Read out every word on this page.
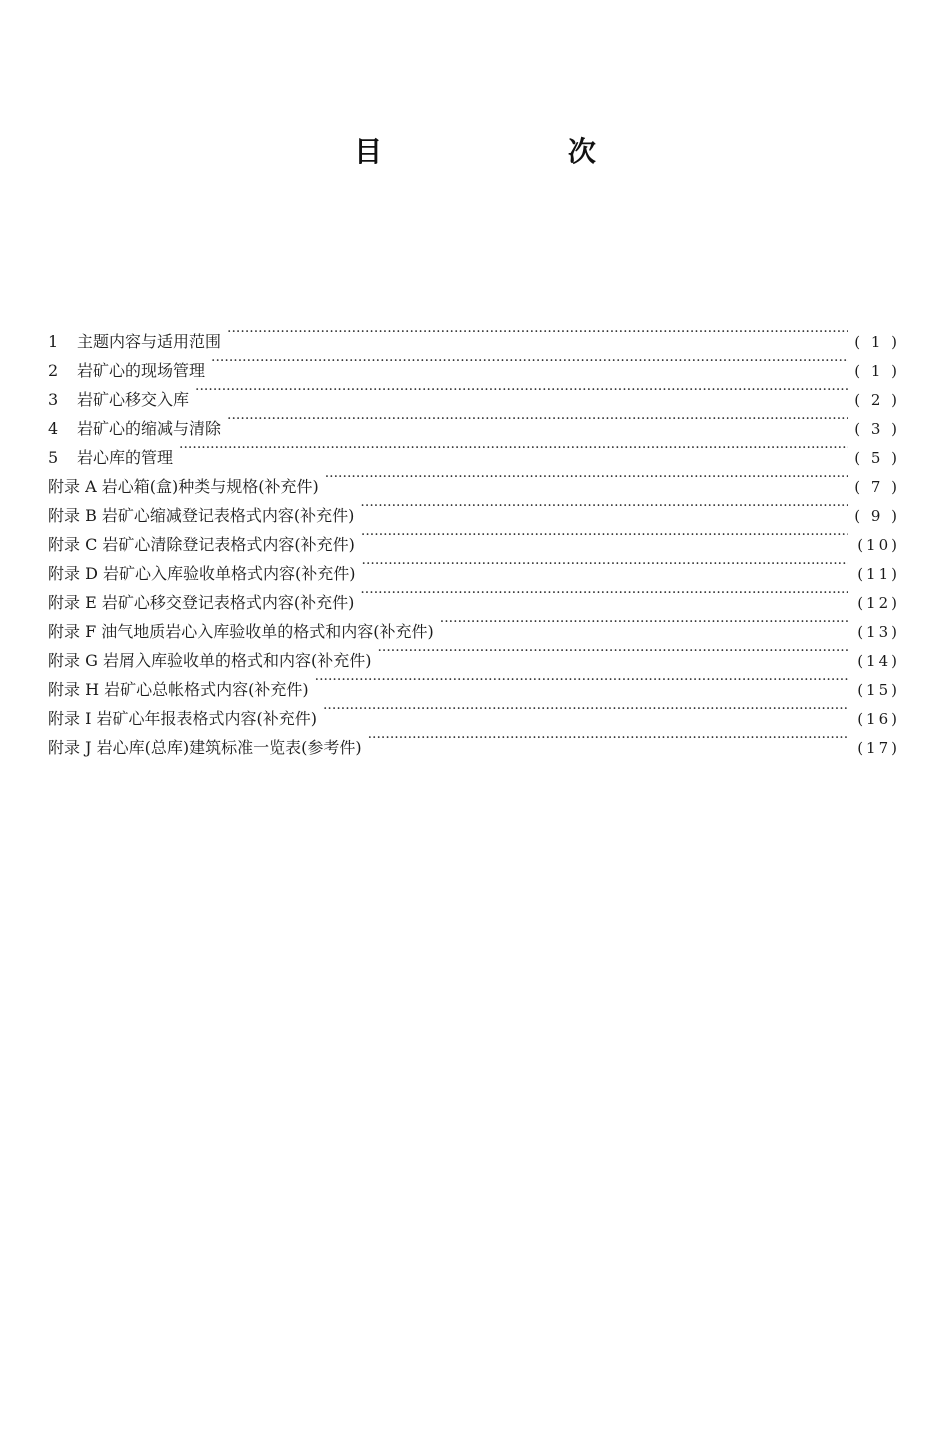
目 次
1	主题内容与适用范围 ·····	( 1 )
2	岩矿心的现场管理 ·····	( 1 )
3	岩矿心移交入库 ·····	( 2 )
4	岩矿心的缩减与清除 ·····	( 3 )
5	岩心库的管理 ·····	( 5 )
附录 A 岩心箱(盒)种类与规格(补充件) ·····	( 7 )
附录 B 岩矿心缩减登记表格式内容(补充件) ·····	( 9 )
附录 C 岩矿心清除登记表格式内容(补充件) ·····	(10)
附录 D 岩矿心入库验收单格式内容(补充件) ·····	(11)
附录 E 岩矿心移交登记表格式内容(补充件) ·····	(12)
附录 F 油气地质岩心入库验收单的格式和内容(补充件) ·····	(13)
附录 G 岩屑入库验收单的格式和内容(补充件) ·····	(14)
附录 H 岩矿心总帐格式内容(补充件) ·····	(15)
附录 I 岩矿心年报表格式内容(补充件) ·····	(16)
附录 J 岩心库(总库)建筑标准一览表(参考件) ·····	(17)
